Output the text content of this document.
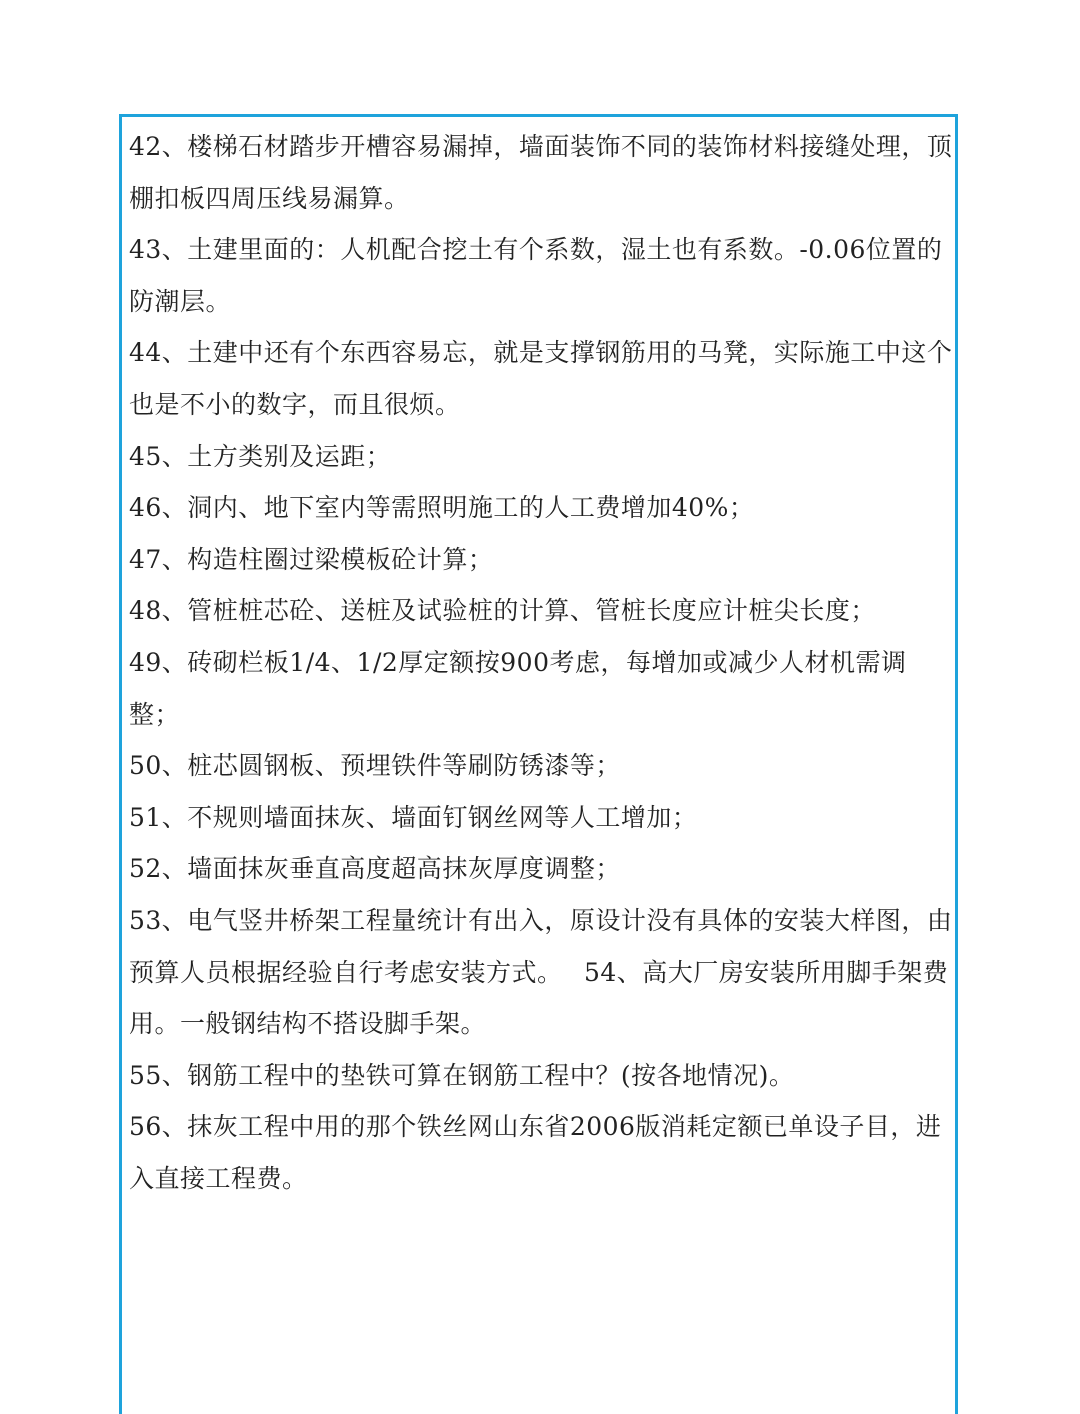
42、楼梯石材踏步开槽容易漏掉，墙面装饰不同的装饰材料接缝处理，顶棚扣板四周压线易漏算。

43、土建里面的：人机配合挖土有个系数，湿土也有系数。-0.06位置的防潮层。

44、土建中还有个东西容易忘，就是支撑钢筋用的马凳，实际施工中这个也是不小的数字，而且很烦。

45、土方类别及运距；

46、洞内、地下室内等需照明施工的人工费增加40%；

47、构造柱圈过梁模板砼计算；

48、管桩桩芯砼、送桩及试验桩的计算、管桩长度应计桩尖长度；

49、砖砌栏板1/4、1/2厚定额按900考虑，每增加或减少人材机需调整；

50、桩芯圆钢板、预埋铁件等刷防锈漆等；

51、不规则墙面抹灰、墙面钉钢丝网等人工增加；

52、墙面抹灰垂直高度超高抹灰厚度调整；

53、电气竖井桥架工程量统计有出入，原设计没有具体的安装大样图，由预算人员根据经验自行考虑安装方式。　 54、高大厂房安装所用脚手架费用。一般钢结构不搭设脚手架。

55、钢筋工程中的垫铁可算在钢筋工程中？(按各地情况)。

56、抹灰工程中用的那个铁丝网山东省2006版消耗定额已单设子目，进入直接工程费。
